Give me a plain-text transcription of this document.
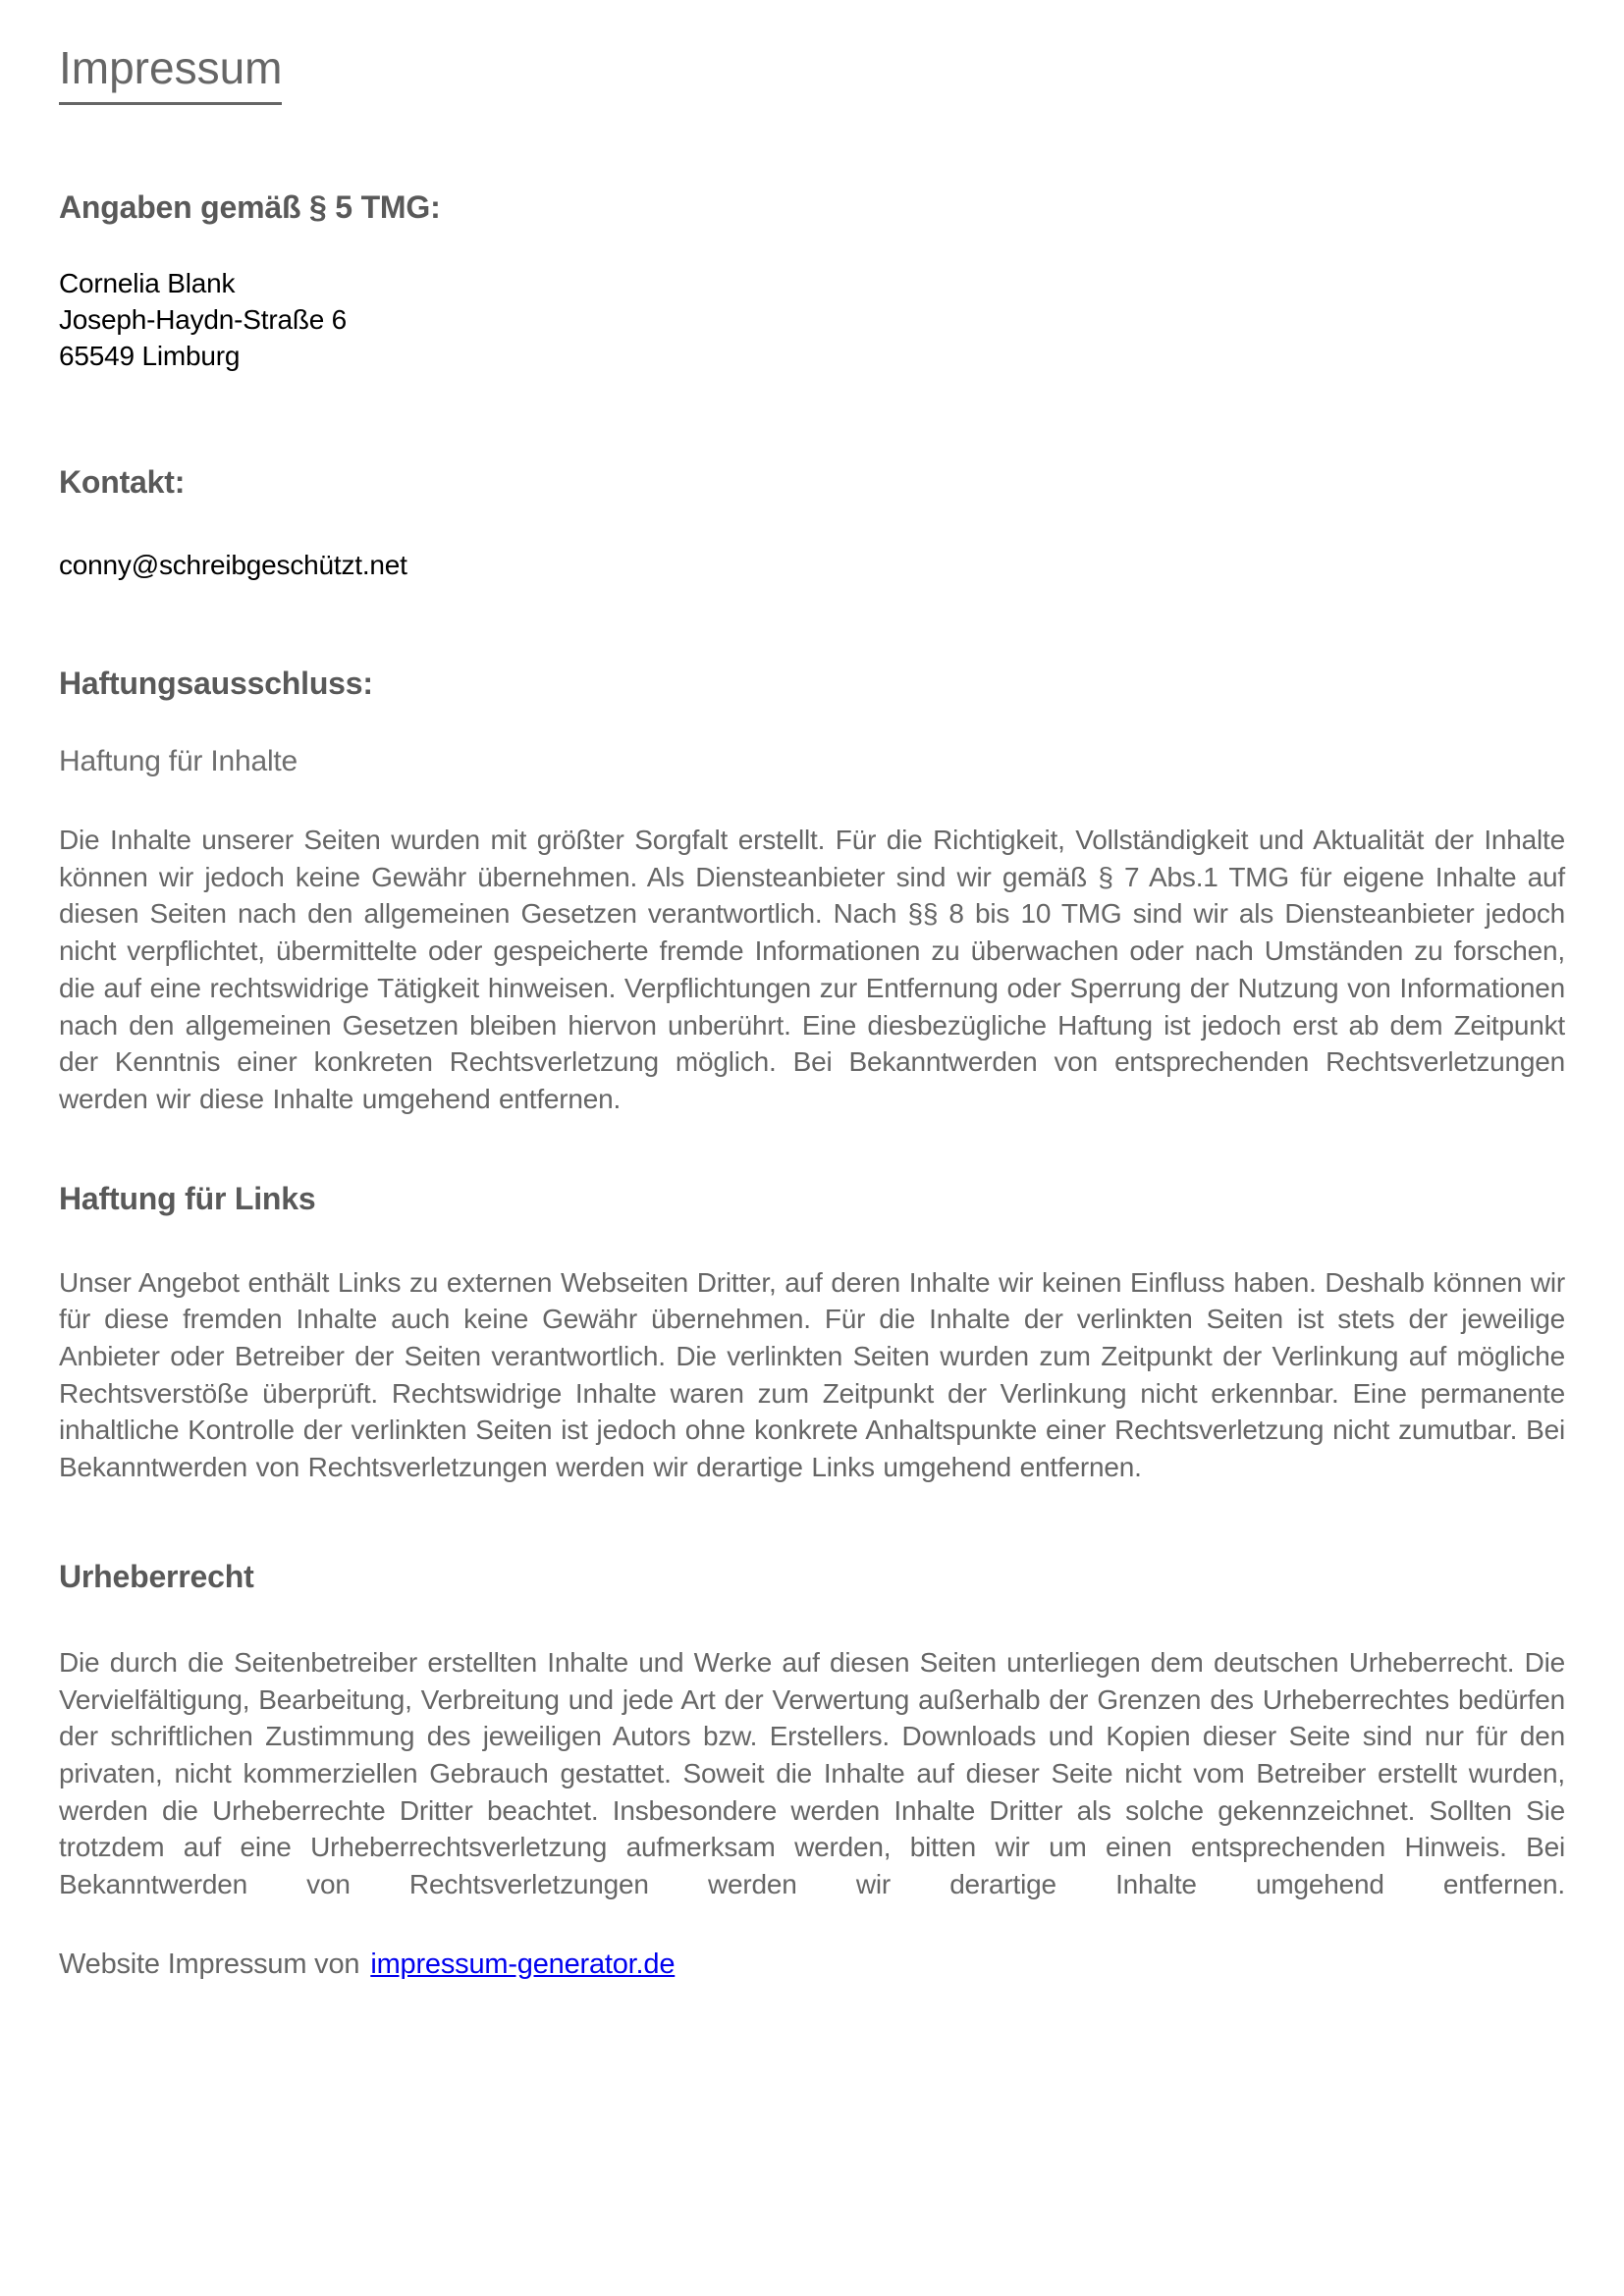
Impressum
Angaben gemäß § 5 TMG:

Cornelia Blank
Joseph-Haydn-Straße 6
65549 Limburg

Kontakt:

conny@schreibgeschützt.net

Haftungsausschluss:

Haftung für Inhalte

Die Inhalte unserer Seiten wurden mit größter Sorgfalt erstellt. Für die Richtigkeit, Vollständigkeit und Aktualität der Inhalte können wir jedoch keine Gewähr übernehmen. Als Diensteanbieter sind wir gemäß § 7 Abs.1 TMG für eigene Inhalte auf diesen Seiten nach den allgemeinen Gesetzen verantwortlich. Nach §§ 8 bis 10 TMG sind wir als Diensteanbieter jedoch nicht verpflichtet, übermittelte oder gespeicherte fremde Informationen zu überwachen oder nach Umständen zu forschen, die auf eine rechtswidrige Tätigkeit hinweisen. Verpflichtungen zur Entfernung oder Sperrung der Nutzung von Informationen nach den allgemeinen Gesetzen bleiben hiervon unberührt. Eine diesbezügliche Haftung ist jedoch erst ab dem Zeitpunkt der Kenntnis einer konkreten Rechtsverletzung möglich. Bei Bekanntwerden von entsprechenden Rechtsverletzungen werden wir diese Inhalte umgehend entfernen.

Haftung für Links

Unser Angebot enthält Links zu externen Webseiten Dritter, auf deren Inhalte wir keinen Einfluss haben. Deshalb können wir für diese fremden Inhalte auch keine Gewähr übernehmen. Für die Inhalte der verlinkten Seiten ist stets der jeweilige Anbieter oder Betreiber der Seiten verantwortlich. Die verlinkten Seiten wurden zum Zeitpunkt der Verlinkung auf mögliche Rechtsverstöße überprüft. Rechtswidrige Inhalte waren zum Zeitpunkt der Verlinkung nicht erkennbar. Eine permanente inhaltliche Kontrolle der verlinkten Seiten ist jedoch ohne konkrete Anhaltspunkte einer Rechtsverletzung nicht zumutbar. Bei Bekanntwerden von Rechtsverletzungen werden wir derartige Links umgehend entfernen.

Urheberrecht

Die durch die Seitenbetreiber erstellten Inhalte und Werke auf diesen Seiten unterliegen dem deutschen Urheberrecht. Die Vervielfältigung, Bearbeitung, Verbreitung und jede Art der Verwertung außerhalb der Grenzen des Urheberrechtes bedürfen der schriftlichen Zustimmung des jeweiligen Autors bzw. Erstellers. Downloads und Kopien dieser Seite sind nur für den privaten, nicht kommerziellen Gebrauch gestattet. Soweit die Inhalte auf dieser Seite nicht vom Betreiber erstellt wurden, werden die Urheberrechte Dritter beachtet. Insbesondere werden Inhalte Dritter als solche gekennzeichnet. Sollten Sie trotzdem auf eine Urheberrechtsverletzung aufmerksam werden, bitten wir um einen entsprechenden Hinweis. Bei Bekanntwerden von Rechtsverletzungen werden wir derartige Inhalte umgehend entfernen.

Website Impressum von impressum-generator.de
